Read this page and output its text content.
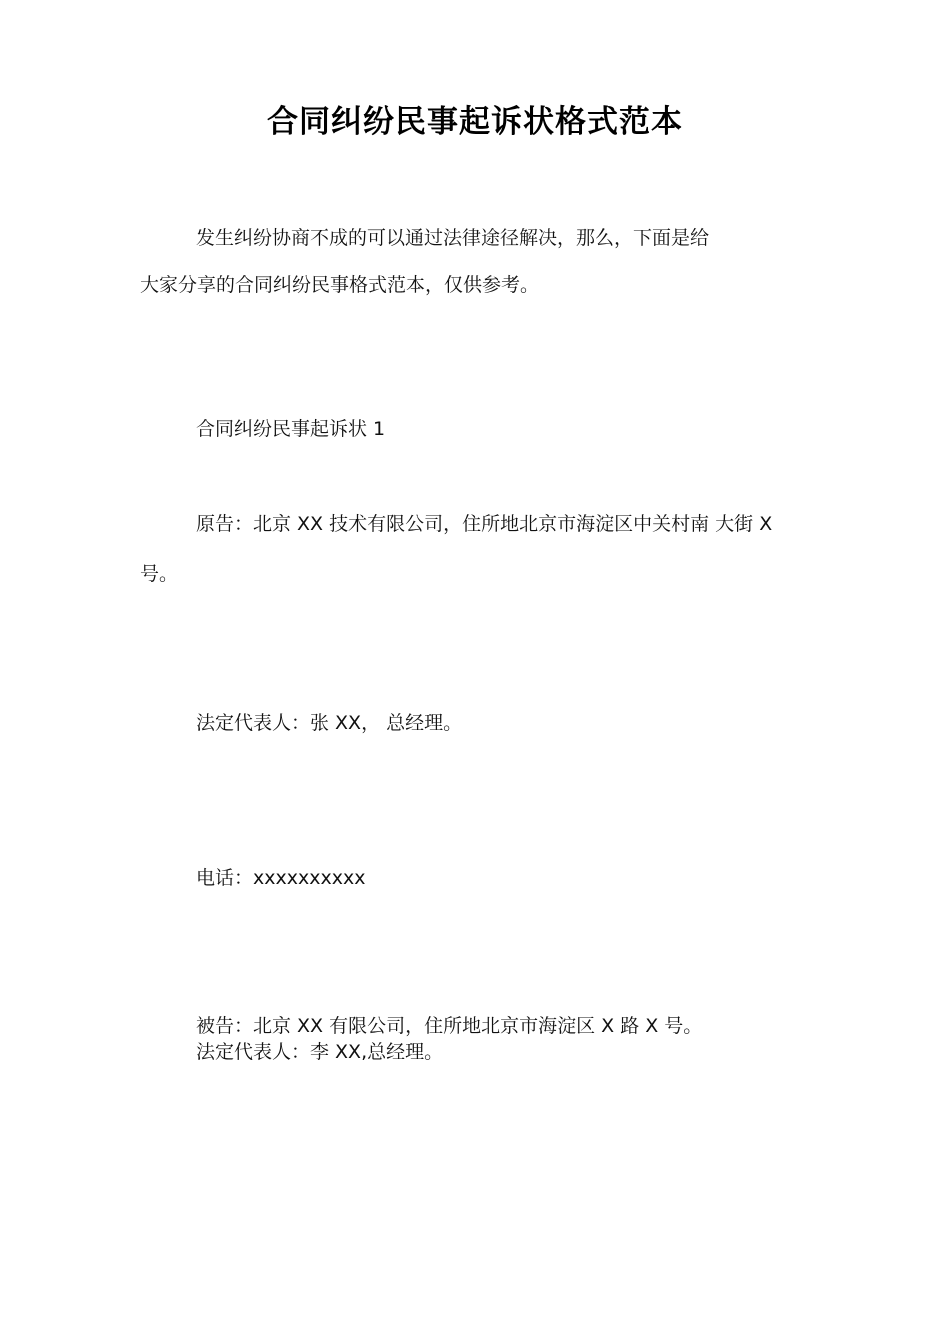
合同纠纷民事起诉状格式范本
发生纠纷协商不成的可以通过法律途径解决，那么，下面是给
大家分享的合同纠纷民事格式范本，仅供参考。
合同纠纷民事起诉状 1
原告：北京 XX 技术有限公司，住所地北京市海淀区中关村南 大街 X
号。
法定代表人：张 XX， 总经理。
电话：xxxxxxxxxx
被告：北京 XX 有限公司，住所地北京市海淀区 X 路 X 号。
法定代表人：李 XX,总经理。
